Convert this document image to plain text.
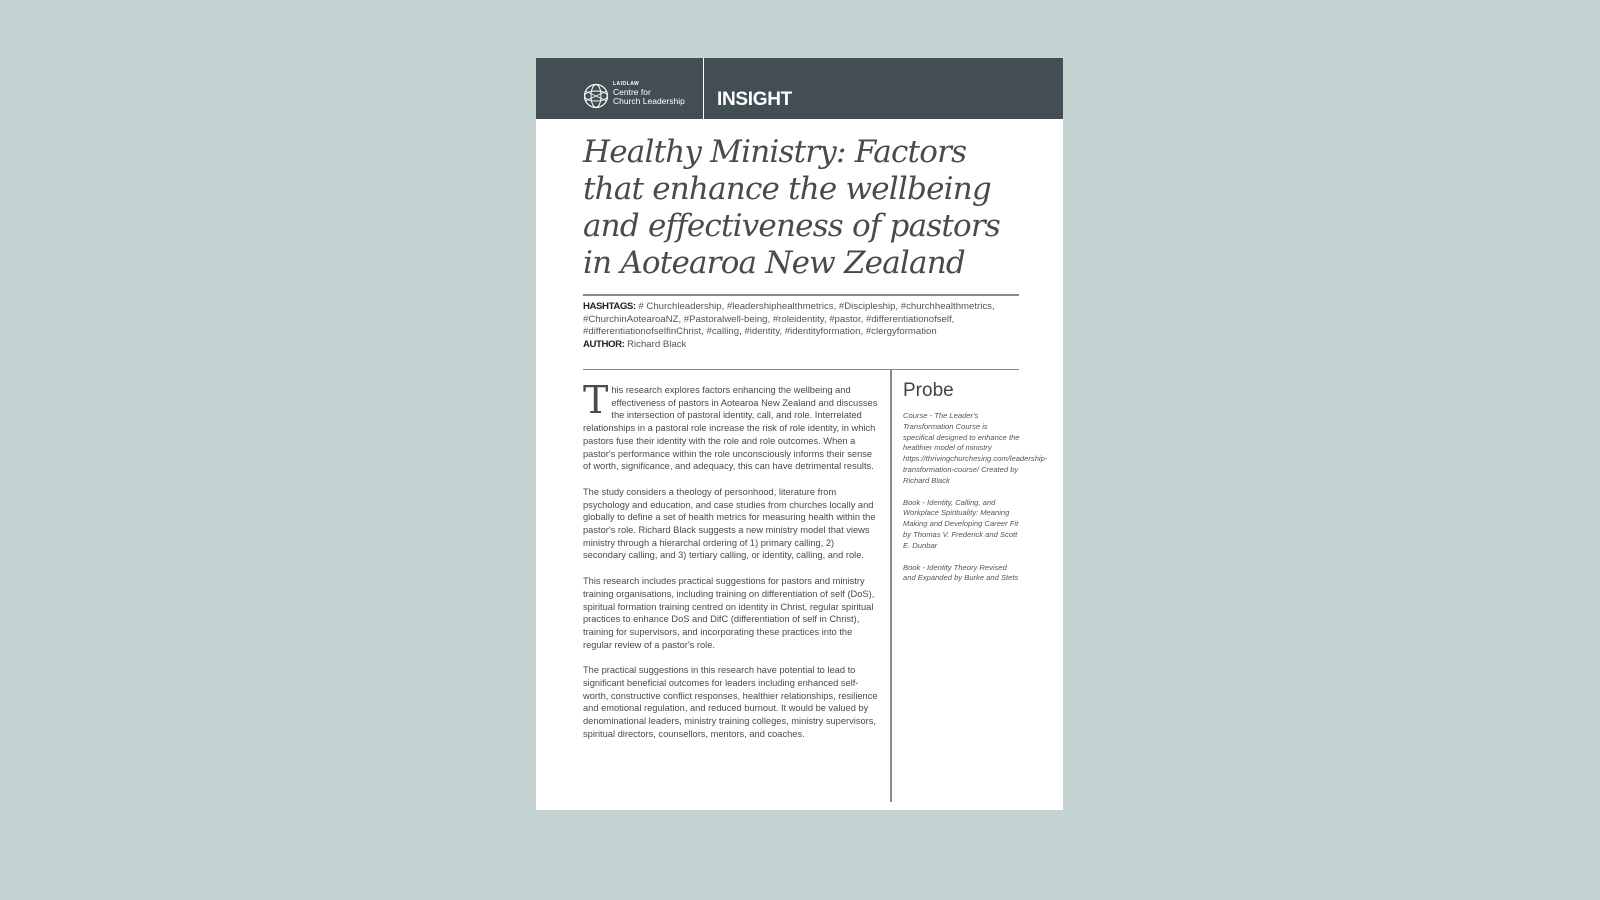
LAIDLAW
Centre for
Church Leadership INSIGHT
Healthy Ministry: Factors that enhance the wellbeing and effectiveness of pastors in Aotearoa New Zealand
HASHTAGS: # Churchleadership, #leadershiphealthmetrics, #Discipleship, #churchhealthmetrics, #ChurchinAotearoaNZ, #Pastoralwell-being, #roleidentity, #pastor, #differentiationofself, #differentiationofselfinChrist, #calling, #identity, #identityformation, #clergyformation
AUTHOR: Richard Black

This research explores factors enhancing the wellbeing and effectiveness of pastors in Aotearoa New Zealand and discusses the intersection of pastoral identity, call, and role. Interrelated relationships in a pastoral role increase the risk of role identity, in which pastors fuse their identity with the role and role outcomes. When a pastor's performance within the role unconsciously informs their sense of worth, significance, and adequacy, this can have detrimental results.

The study considers a theology of personhood, literature from psychology and education, and case studies from churches locally and globally to define a set of health metrics for measuring health within the pastor's role. Richard Black suggests a new ministry model that views ministry through a hierarchal ordering of 1) primary calling, 2) secondary calling, and 3) tertiary calling, or identity, calling, and role.

This research includes practical suggestions for pastors and ministry training organisations, including training on differentiation of self (DoS), spiritual formation training centred on identity in Christ, regular spiritual practices to enhance DoS and DifC (differentiation of self in Christ), training for supervisors, and incorporating these practices into the regular review of a pastor's role.

The practical suggestions in this research have potential to lead to significant beneficial outcomes for leaders including enhanced self-worth, constructive conflict responses, healthier relationships, resilience and emotional regulation, and reduced burnout. It would be valued by denominational leaders, ministry training colleges, ministry supervisors, spiritual directors, counsellors, mentors, and coaches.

Probe

Course - The Leader's Transformation Course is specifical designed to enhance the healthier model of ministry https://thrivingchurchesing.com/leadership-transformation-course/ Created by Richard Black

Book - Identity, Calling, and Workplace Spirituality: Meaning Making and Developing Career Fit by Thomas V. Frederick and Scott E. Dunbar

Book - Identity Theory Revised and Expanded by Burke and Stets
